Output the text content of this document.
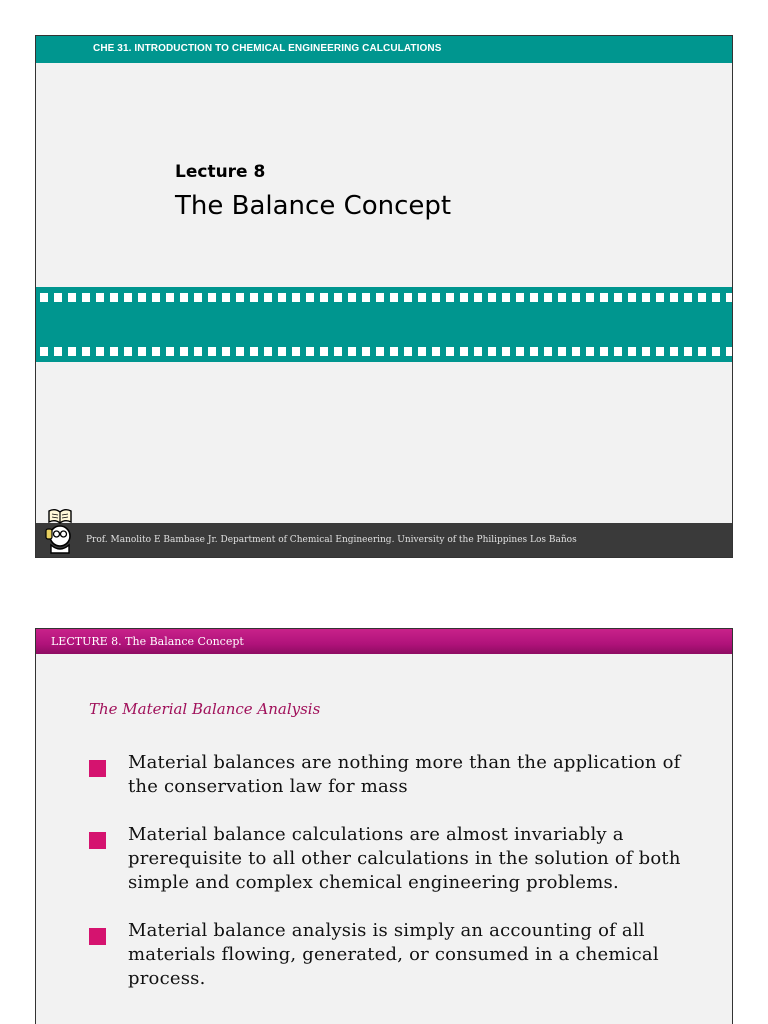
CHE 31. INTRODUCTION TO CHEMICAL ENGINEERING CALCULATIONS
Lecture 8
The Balance Concept
Prof. Manolito E Bambase Jr. Department of Chemical Engineering. University of the Philippines Los Baños
LECTURE 8. The Balance Concept
The Material Balance Analysis
Material balances are nothing more than the application of the conservation law for mass
Material balance calculations are almost invariably a prerequisite to all other calculations in the solution of both simple and complex chemical engineering problems.
Material balance analysis is simply an accounting of all materials flowing, generated, or consumed in a chemical process.
